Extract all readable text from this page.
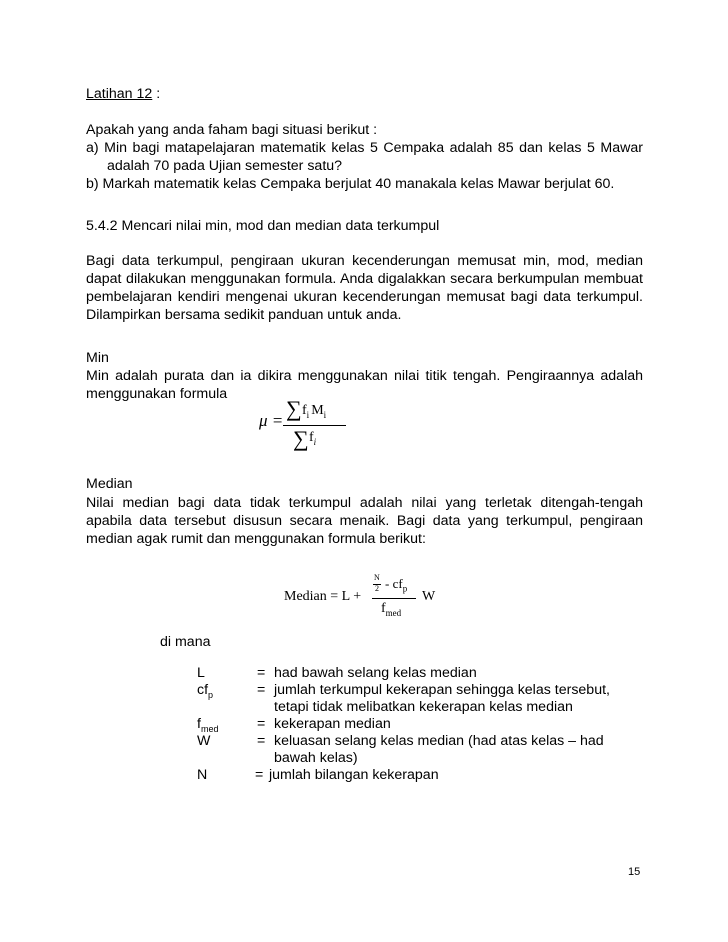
Latihan 12 :
Apakah yang anda faham bagi situasi berikut :
a) Min bagi matapelajaran matematik kelas 5 Cempaka adalah 85 dan kelas 5 Mawar
adalah 70 pada Ujian semester satu?
b) Markah matematik kelas Cempaka berjulat 40 manakala kelas Mawar berjulat 60.
5.4.2 Mencari nilai min, mod dan median data terkumpul
Bagi data terkumpul, pengiraan ukuran kecenderungan memusat min, mod, median
dapat dilakukan menggunakan formula. Anda digalakkan secara berkumpulan membuat
pembelajaran kendiri mengenai ukuran kecenderungan memusat bagi data terkumpul.
Dilampirkan bersama sedikit panduan untuk anda.
Min
Min adalah purata dan ia dikira menggunakan nilai titik tengah. Pengiraannya adalah
menggunakan formula
μ = ∑ $f_i$ $M_i$
∑ $f_i$
Median
Nilai median bagi data tidak terkumpul adalah nilai yang terletak ditengah-tengah
apabila data tersebut disusun secara menaik. Bagi data yang terkumpul, pengiraan
median agak rumit dan menggunakan formula berikut:
Median = L +
N
$2 - cf_p$
$f_{med}$
W
di mana
L	= had bawah selang kelas median
$cf_p$	= jumlah terkumpul kekerapan sehingga kelas tersebut,
tetapi tidak melibatkan kekerapan kelas median
$f_{med}$	= kekerapan median
W	= keluasan selang kelas median (had atas kelas – had
bawah kelas)
N	= jumlah bilangan kekerapan
15
